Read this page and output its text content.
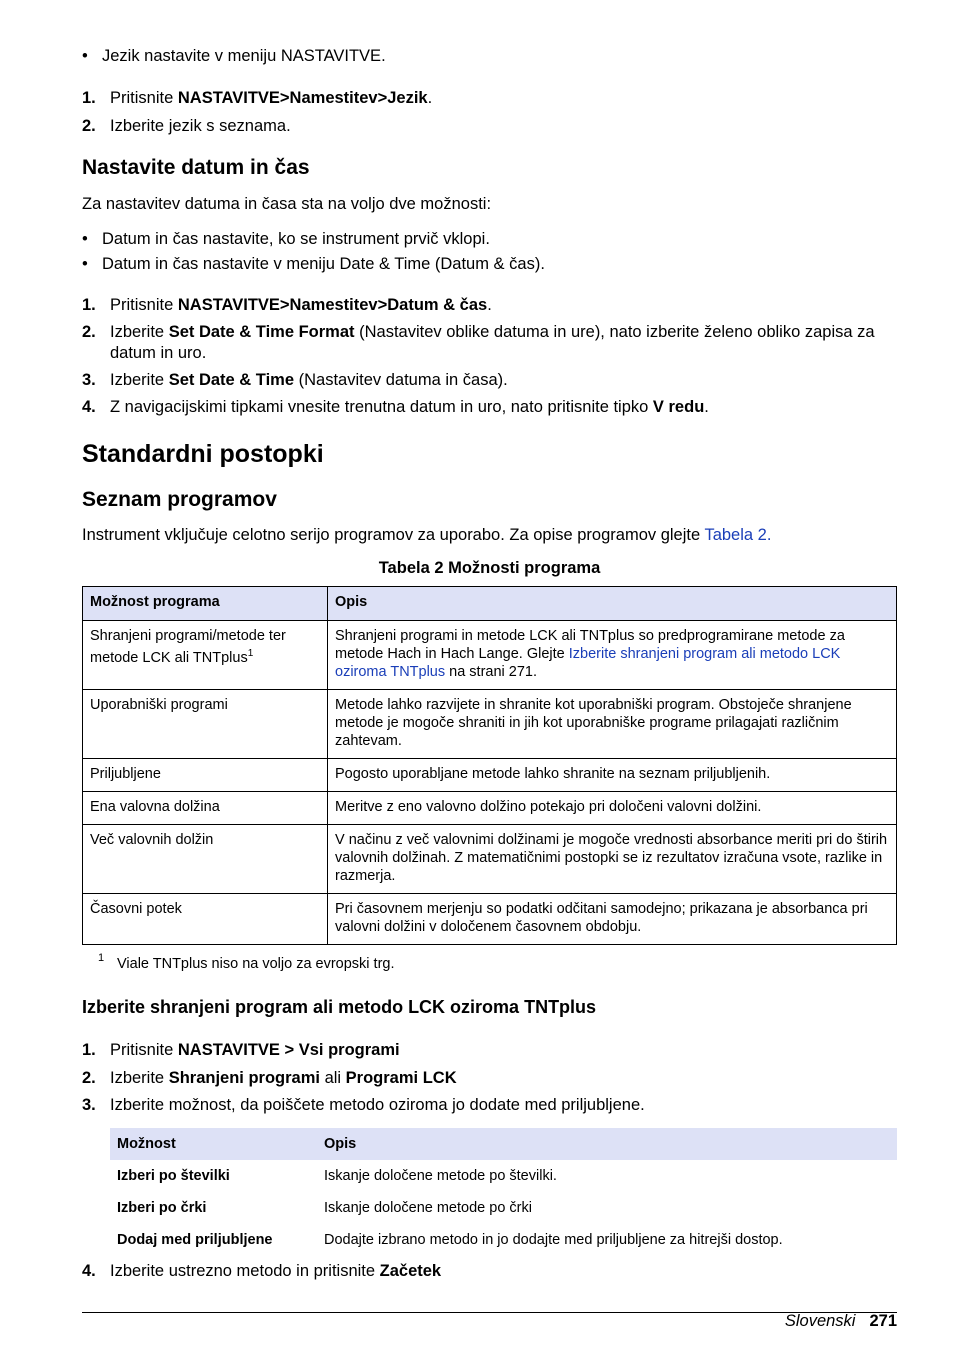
• Jezik nastavite v meniju NASTAVITVE.
1. Pritisnite NASTAVITVE>Namestitev>Jezik.
2. Izberite jezik s seznama.
Nastavite datum in čas
Za nastavitev datuma in časa sta na voljo dve možnosti:
• Datum in čas nastavite, ko se instrument prvič vklopi.
• Datum in čas nastavite v meniju Date & Time (Datum & čas).
1. Pritisnite NASTAVITVE>Namestitev>Datum & čas.
2. Izberite Set Date & Time Format (Nastavitev oblike datuma in ure), nato izberite želeno obliko zapisa za datum in uro.
3. Izberite Set Date & Time (Nastavitev datuma in časa).
4. Z navigacijskimi tipkami vnesite trenutna datum in uro, nato pritisnite tipko V redu.
Standardni postopki
Seznam programov
Instrument vključuje celotno serijo programov za uporabo. Za opise programov glejte Tabela 2.
Tabela 2 Možnosti programa
Možnost programa	Opis
Shranjeni programi/metode ter metode LCK ali TNTplus$^1$	Shranjeni programi in metode LCK ali TNTplus so predprogramirane metode za metode Hach in Hach Lange. Glejte Izberite shranjeni program ali metodo LCK oziroma TNTplus na strani 271.
Uporabniški programi	Metode lahko razvijete in shranite kot uporabniški program. Obstoječe shranjene metode je mogoče shraniti in jih kot uporabniške programe prilagajati različnim zahtevam.
Priljubljene	Pogosto uporabljane metode lahko shranite na seznam priljubljenih.
Ena valovna dolžina	Meritve z eno valovno dolžino potekajo pri določeni valovni dolžini.
Več valovnih dolžin	V načinu z več valovnimi dolžinami je mogoče vrednosti absorbance meriti pri do štirih valovnih dolžinah. Z matematičnimi postopki se iz rezultatov izračuna vsote, razlike in razmerja.
Časovni potek	Pri časovnem merjenju so podatki odčitani samodejno; prikazana je absorbanca pri valovni dolžini v določenem časovnem obdobju.
1 Viale TNTplus niso na voljo za evropski trg.
Izberite shranjeni program ali metodo LCK oziroma TNTplus
1. Pritisnite NASTAVITVE > Vsi programi
2. Izberite Shranjeni programi ali Programi LCK
3. Izberite možnost, da poiščete metodo oziroma jo dodate med priljubljene.
Možnost	Opis
Izberi po številki	Iskanje določene metode po številki.
Izberi po črki	Iskanje določene metode po črki
Dodaj med priljubljene	Dodajte izbrano metodo in jo dodajte med priljubljene za hitrejši dostop.
4. Izberite ustrezno metodo in pritisnite Začetek
Slovenski 271
